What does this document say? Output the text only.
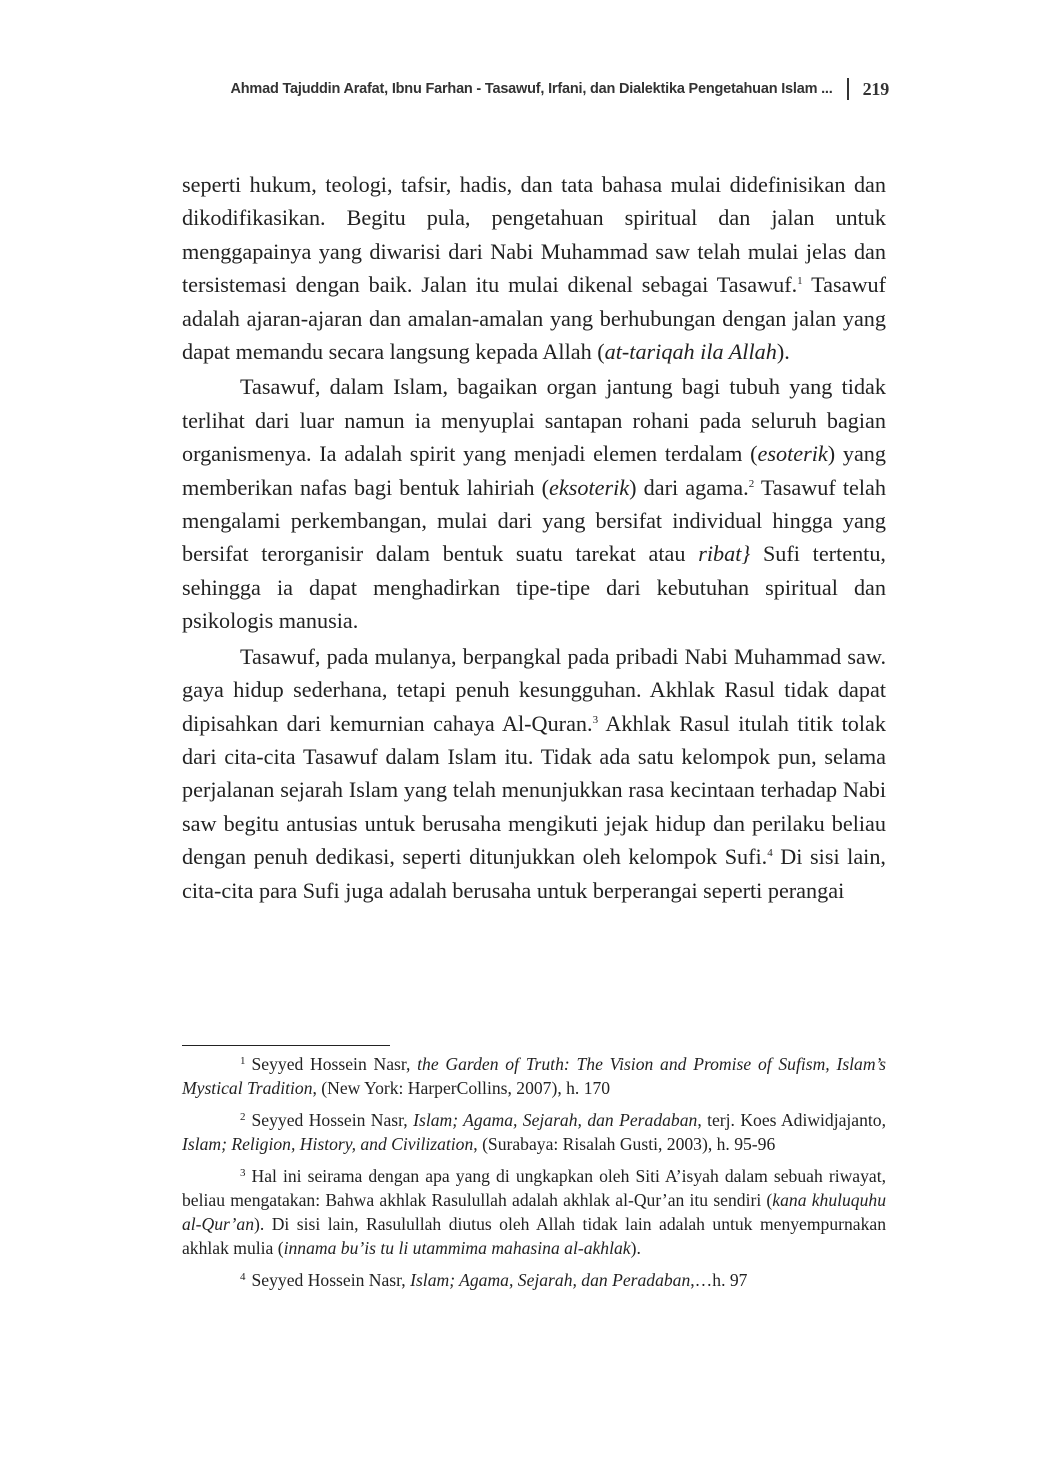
Ahmad Tajuddin Arafat, Ibnu Farhan - Tasawuf, Irfani, dan Dialektika Pengetahuan Islam ... 219

seperti hukum, teologi, tafsir, hadis, dan tata bahasa mulai didefinisikan dan dikodifikasikan. Begitu pula, pengetahuan spiritual dan jalan untuk menggapainya yang diwarisi dari Nabi Muhammad saw telah mulai jelas dan tersistemasi dengan baik. Jalan itu mulai dikenal sebagai Tasawuf.$^1$ Tasawuf adalah ajaran-ajaran dan amalan-amalan yang berhubungan dengan jalan yang dapat memandu secara langsung kepada Allah (at-tariqah ila Allah).

Tasawuf, dalam Islam, bagaikan organ jantung bagi tubuh yang tidak terlihat dari luar namun ia menyuplai santapan rohani pada seluruh bagian organismenya. Ia adalah spirit yang menjadi elemen terdalam (esoterik) yang memberikan nafas bagi bentuk lahiriah (eksoterik) dari agama.$^2$ Tasawuf telah mengalami perkembangan, mulai dari yang bersifat individual hingga yang bersifat terorganisir dalam bentuk suatu tarekat atau ribat} Sufi tertentu, sehingga ia dapat menghadirkan tipe-tipe dari kebutuhan spiritual dan psikologis manusia.

Tasawuf, pada mulanya, berpangkal pada pribadi Nabi Muhammad saw. gaya hidup sederhana, tetapi penuh kesungguhan. Akhlak Rasul tidak dapat dipisahkan dari kemurnian cahaya Al-Quran.$^3$ Akhlak Rasul itulah titik tolak dari cita-cita Tasawuf dalam Islam itu. Tidak ada satu kelompok pun, selama perjalanan sejarah Islam yang telah menunjukkan rasa kecintaan terhadap Nabi saw begitu antusias untuk berusaha mengikuti jejak hidup dan perilaku beliau dengan penuh dedikasi, seperti ditunjukkan oleh kelompok Sufi.$^4$ Di sisi lain, cita-cita para Sufi juga adalah berusaha untuk berperangai seperti perangai

$^1$ Seyyed Hossein Nasr, the Garden of Truth: The Vision and Promise of Sufism, Islam’s Mystical Tradition, (New York: HarperCollins, 2007), h. 170

$^2$ Seyyed Hossein Nasr, Islam; Agama, Sejarah, dan Peradaban, terj. Koes Adiwidjajanto, Islam; Religion, History, and Civilization, (Surabaya: Risalah Gusti, 2003), h. 95-96

$^3$ Hal ini seirama dengan apa yang di ungkapkan oleh Siti A’isyah dalam sebuah riwayat, beliau mengatakan: Bahwa akhlak Rasulullah adalah akhlak al-Qur’an itu sendiri (kana khuluquhu al-Qur’an). Di sisi lain, Rasulullah diutus oleh Allah tidak lain adalah untuk menyempurnakan akhlak mulia (innama bu’is tu li utammima mahasina al-akhlak).

$^4$ Seyyed Hossein Nasr, Islam; Agama, Sejarah, dan Peradaban,…h. 97
